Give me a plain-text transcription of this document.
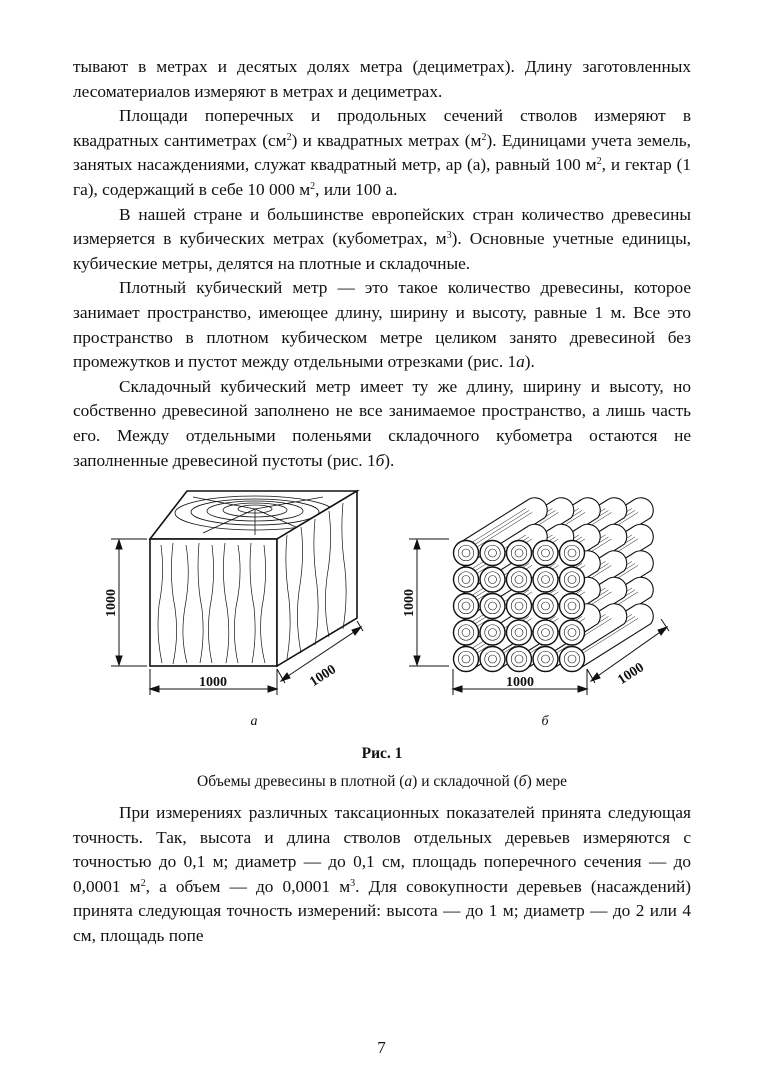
тывают в метрах и десятых долях метра (дециметрах). Длину заготовленных лесоматериалов измеряют в метрах и дециметрах.

Площади поперечных и продольных сечений стволов измеряют в квадратных сантиметрах $(см^2)$ и квадратных метрах $(м^2)$. Единицами учета земель, занятых насаждениями, служат квадратный метр, ар (а), равный 100 $м^2$, и гектар (1 га), содержащий в себе 10 000 $м^2$, или 100 а.

В нашей стране и большинстве европейских стран количество древесины измеряется в кубических метрах (кубометрах, $м^3$). Основные учетные единицы, кубические метры, делятся на плотные и складочные.

Плотный кубический метр — это такое количество древесины, которое занимает пространство, имеющее длину, ширину и высоту, равные 1 м. Все это пространство в плотном кубическом метре целиком занято древесиной без промежутков и пустот между отдельными отрезками (рис. 1а).

Складочный кубический метр имеет ту же длину, ширину и высоту, но собственно древесиной заполнено не все занимаемое пространство, а лишь часть его. Между отдельными поленьями складочного кубометра остаются не заполненные древесиной пустоты (рис. 1б).

1000
1000	1000
а
1000
1000	1000
б
Рис. 1
Объемы древесины в плотной (а) и складочной (б) мере

При измерениях различных таксационных показателей принята следующая точность. Так, высота и длина стволов отдельных деревьев измеряются с точностью до 0,1 м; диаметр — до 0,1 см, площадь поперечного сечения — до 0,0001 $м^2$, а объем — до 0,0001 $м^3$. Для совокупности деревьев (насаждений) принята следующая точность измерений: высота — до 1 м; диаметр — до 2 или 4 см, площадь попе

7
